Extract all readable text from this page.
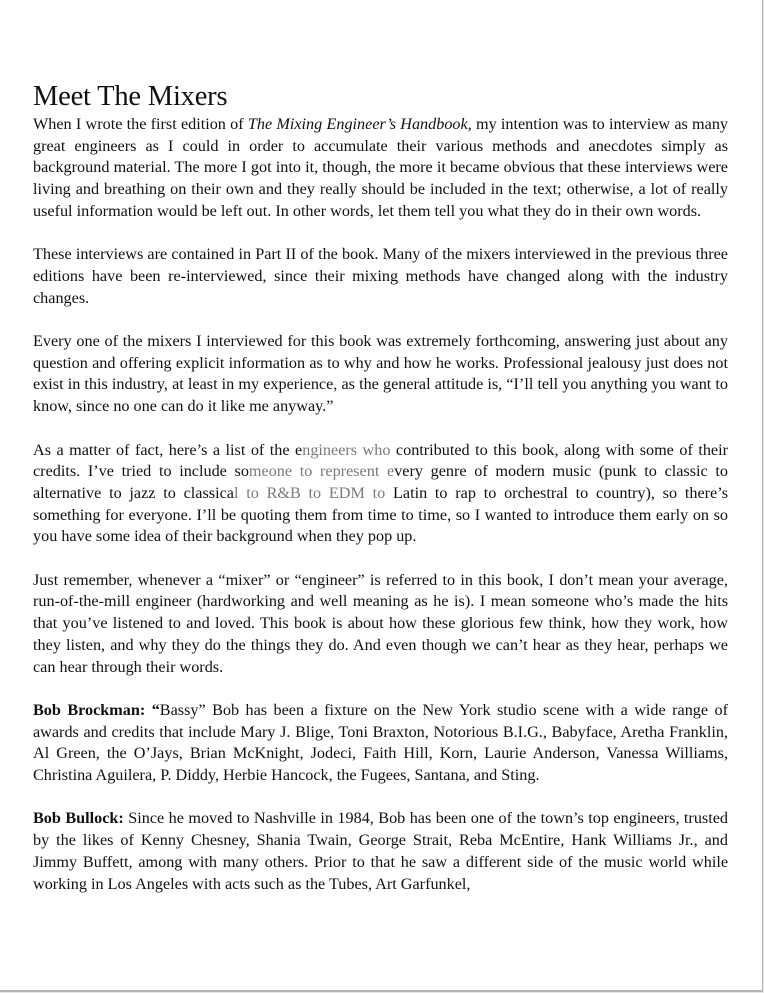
Meet The Mixers

When I wrote the first edition of The Mixing Engineer’s Handbook, my intention was to interview as many great engineers as I could in order to accumulate their various methods and anecdotes simply as background material. The more I got into it, though, the more it became obvious that these interviews were living and breathing on their own and they really should be included in the text; otherwise, a lot of really useful information would be left out. In other words, let them tell you what they do in their own words.

These interviews are contained in Part II of the book. Many of the mixers interviewed in the previous three editions have been re-interviewed, since their mixing methods have changed along with the industry changes.

Every one of the mixers I interviewed for this book was extremely forthcoming, answering just about any question and offering explicit information as to why and how he works. Professional jealousy just does not exist in this industry, at least in my experience, as the general attitude is, “I’ll tell you anything you want to know, since no one can do it like me anyway.”

As a matter of fact, here’s a list of the engineers who contributed to this book, along with some of their credits. I’ve tried to include someone to represent every genre of modern music (punk to classic to alternative to jazz to classical to R&B to EDM to Latin to rap to orchestral to country), so there’s something for everyone. I’ll be quoting them from time to time, so I wanted to introduce them early on so you have some idea of their background when they pop up.

Just remember, whenever a “mixer” or “engineer” is referred to in this book, I don’t mean your average, run-of-the-mill engineer (hardworking and well meaning as he is). I mean someone who’s made the hits that you’ve listened to and loved. This book is about how these glorious few think, how they work, how they listen, and why they do the things they do. And even though we can’t hear as they hear, perhaps we can hear through their words.

Bob Brockman: “Bassy” Bob has been a fixture on the New York studio scene with a wide range of awards and credits that include Mary J. Blige, Toni Braxton, Notorious B.I.G., Babyface, Aretha Franklin, Al Green, the O’Jays, Brian McKnight, Jodeci, Faith Hill, Korn, Laurie Anderson, Vanessa Williams, Christina Aguilera, P. Diddy, Herbie Hancock, the Fugees, Santana, and Sting.

Bob Bullock: Since he moved to Nashville in 1984, Bob has been one of the town’s top engineers, trusted by the likes of Kenny Chesney, Shania Twain, George Strait, Reba McEntire, Hank Williams Jr., and Jimmy Buffett, among with many others. Prior to that he saw a different side of the music world while working in Los Angeles with acts such as the Tubes, Art Garfunkel,
